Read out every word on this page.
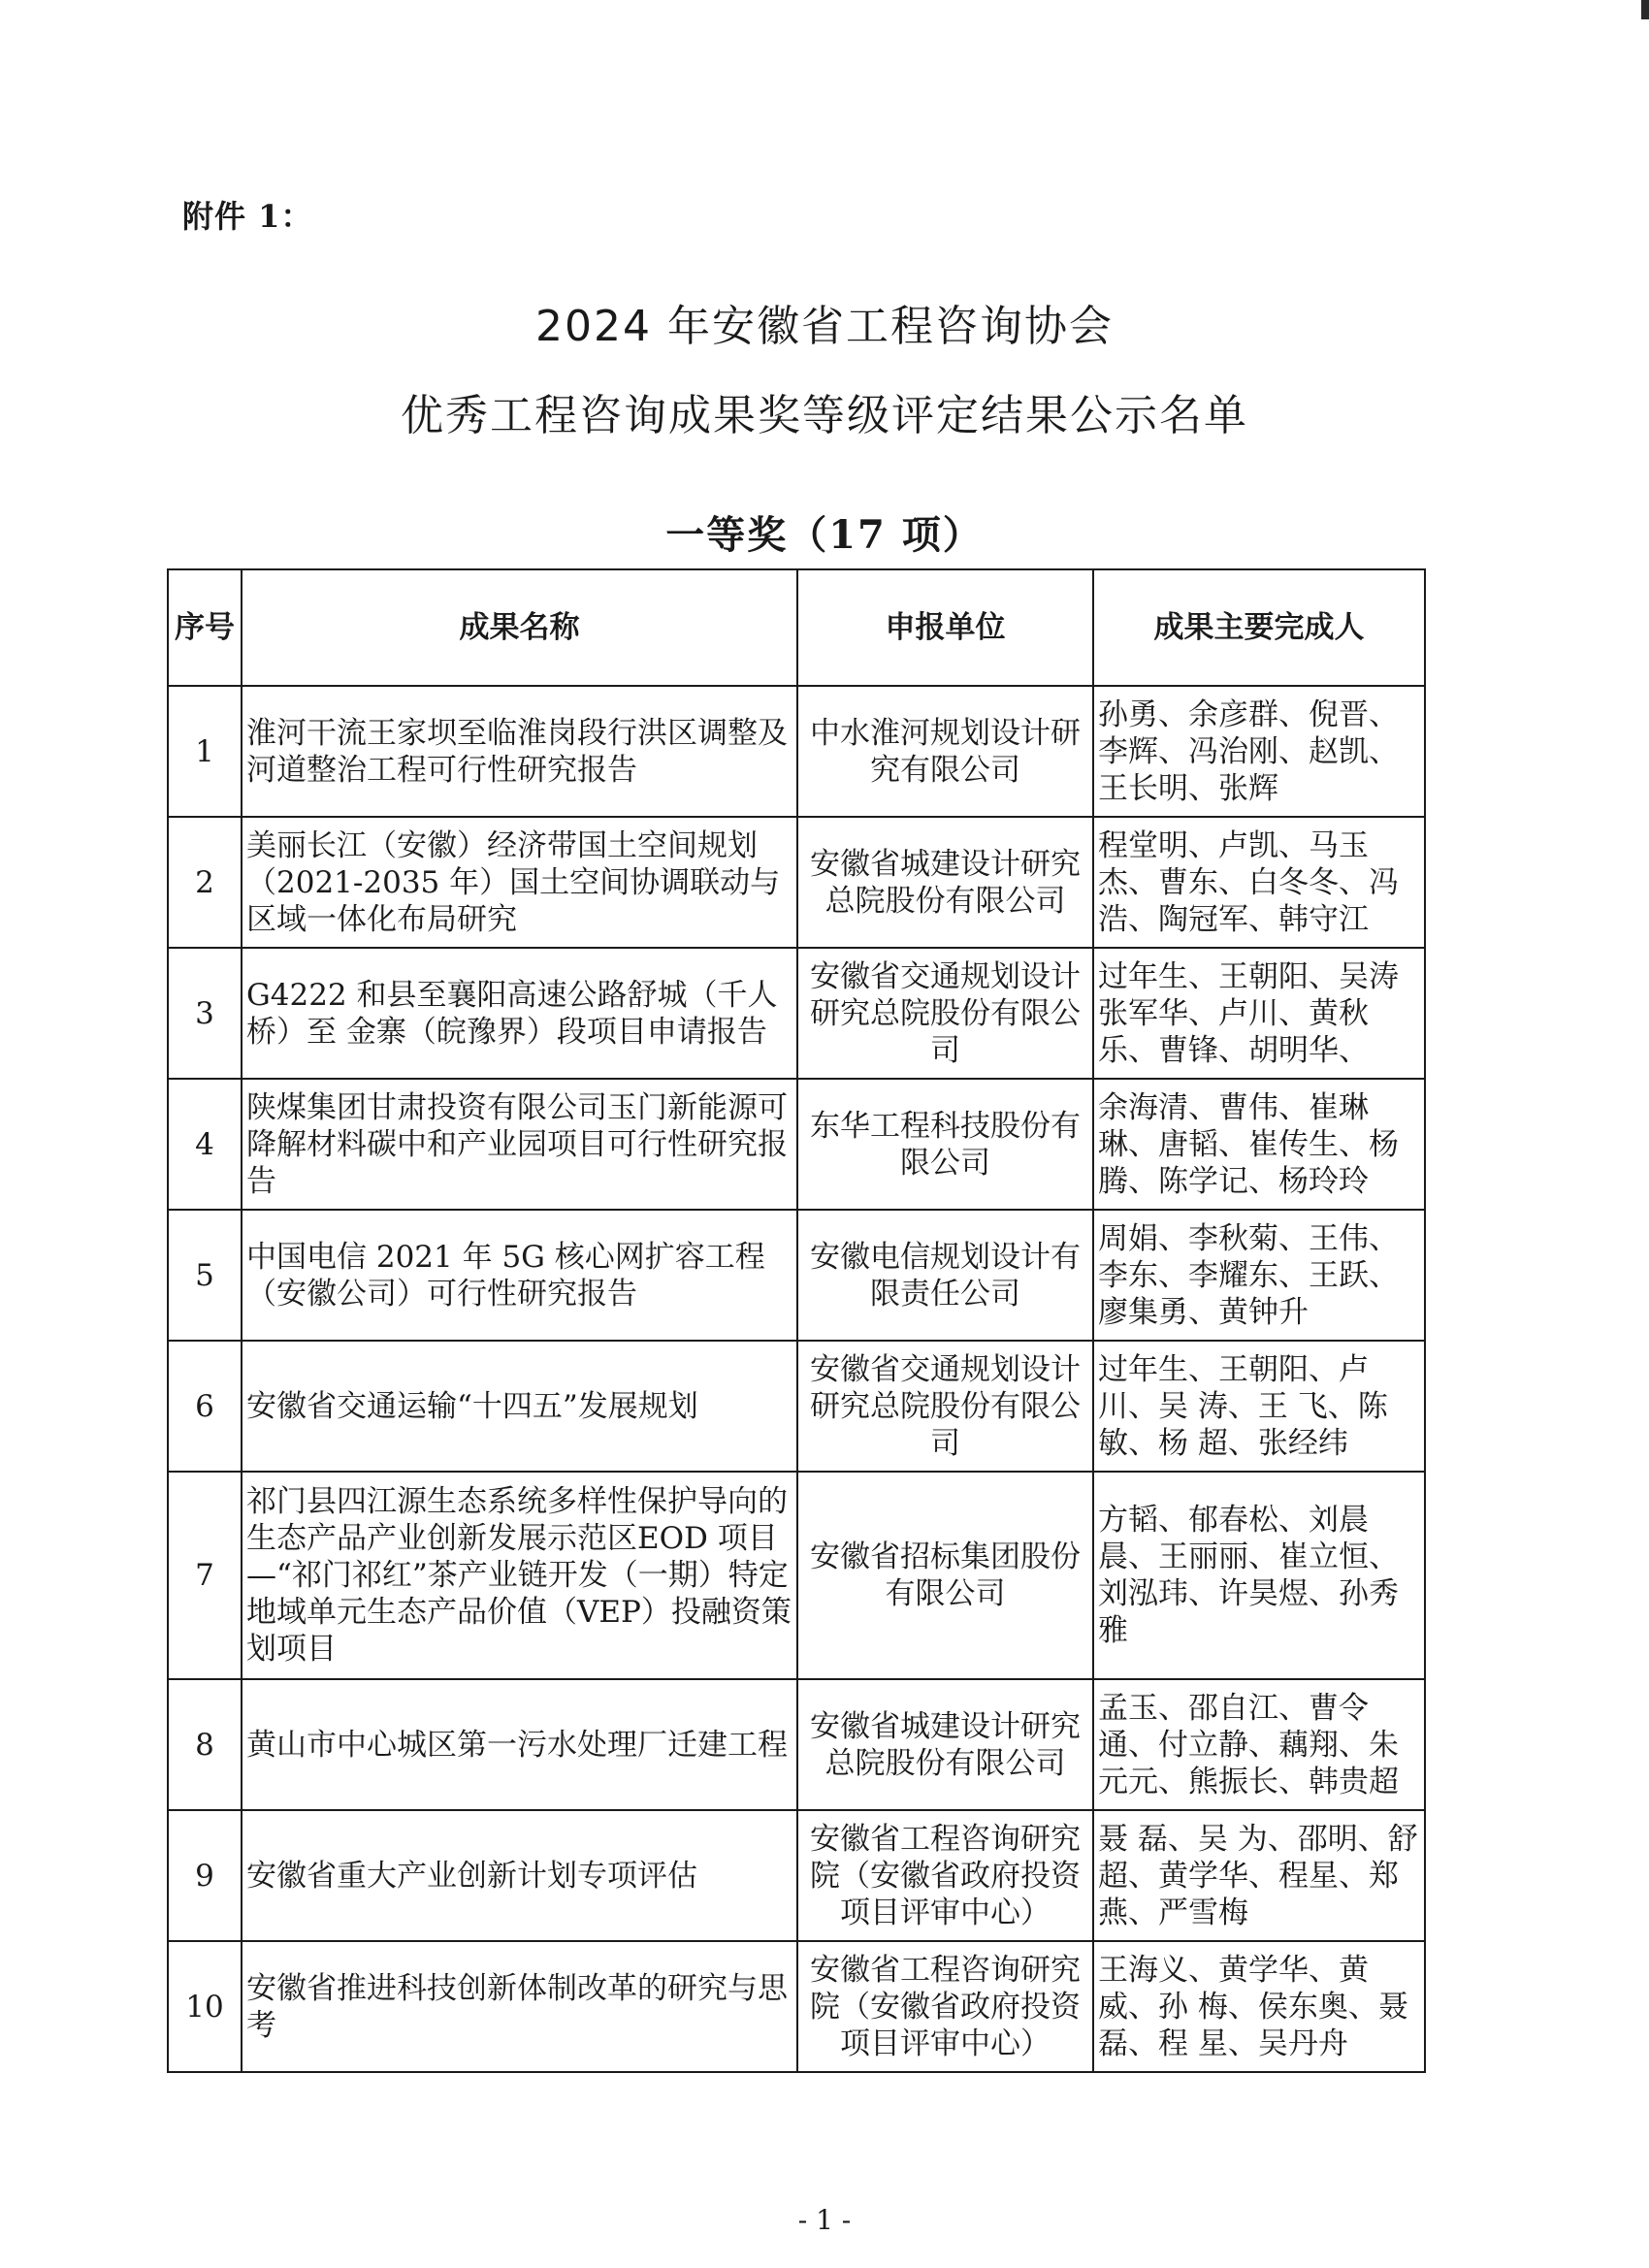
附件 1：
2024 年安徽省工程咨询协会
优秀工程咨询成果奖等级评定结果公示名单
一等奖（17 项）
序号	成果名称	申报单位	成果主要完成人
1	淮河干流王家坝至临淮岗段行洪区调整及河道整治工程可行性研究报告	中水淮河规划设计研究有限公司	孙勇、余彦群、倪晋、李辉、冯治刚、赵凯、王长明、张辉
2	美丽长江（安徽）经济带国土空间规划（2021-2035 年）国土空间协调联动与区域一体化布局研究	安徽省城建设计研究总院股份有限公司	程堂明、卢凯、马玉杰、曹东、白冬冬、冯浩、陶冠军、韩守江
3	G4222 和县至襄阳高速公路舒城（千人桥）至 金寨（皖豫界）段项目申请报告	安徽省交通规划设计研究总院股份有限公司	过年生、王朝阳、吴涛张军华、卢川、黄秋乐、曹锋、胡明华、
4	陕煤集团甘肃投资有限公司玉门新能源可降解材料碳中和产业园项目可行性研究报告	东华工程科技股份有限公司	余海清、曹伟、崔琳琳、唐韬、崔传生、杨腾、陈学记、杨玲玲
5	中国电信 2021 年 5G 核心网扩容工程（安徽公司）可行性研究报告	安徽电信规划设计有限责任公司	周娟、李秋菊、王伟、李东、李耀东、王跃、廖集勇、黄钟升
6	安徽省交通运输“十四五”发展规划	安徽省交通规划设计研究总院股份有限公司	过年生、王朝阳、卢川、吴 涛、王 飞、陈 敏、杨 超、张经纬
7	祁门县四江源生态系统多样性保护导向的生态产品产业创新发展示范区EOD 项目—“祁门祁红”茶产业链开发（一期）特定地域单元生态产品价值（VEP）投融资策划项目	安徽省招标集团股份有限公司	方韬、郁春松、刘晨晨、王丽丽、崔立恒、刘泓玮、许昊煜、孙秀雅
8	黄山市中心城区第一污水处理厂迁建工程	安徽省城建设计研究总院股份有限公司	孟玉、邵自江、曹令通、付立静、藕翔、朱元元、熊振长、韩贵超
9	安徽省重大产业创新计划专项评估	安徽省工程咨询研究院（安徽省政府投资项目评审中心）	聂 磊、吴 为、邵明、舒 超、黄学华、程星、郑 燕、严雪梅
10	安徽省推进科技创新体制改革的研究与思考	安徽省工程咨询研究院（安徽省政府投资项目评审中心）	王海义、黄学华、黄威、孙 梅、侯东奥、聂磊、程 星、吴丹舟
- 1 -
